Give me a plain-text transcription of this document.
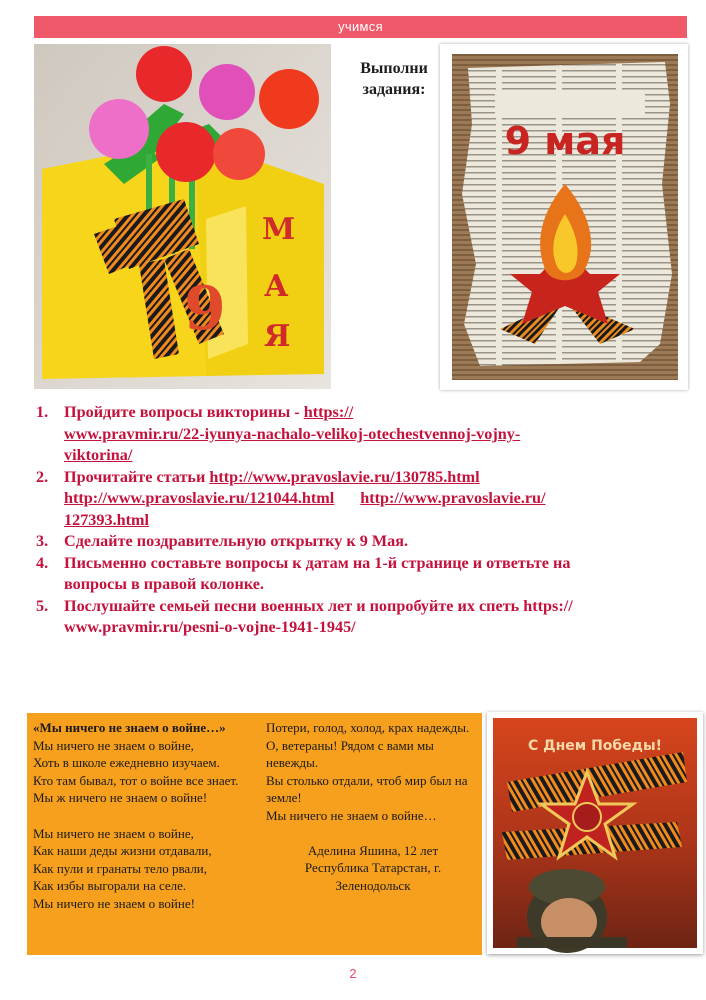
учимся
М
А
Я
9
Выполни
задания:
9 мая
1. Пройдите вопросы викторины - https://
www.pravmir.ru/22-iyunya-nachalo-velikoj-otechestvennoj-vojny-
viktorina/
2. Прочитайте статьи http://www.pravoslavie.ru/130785.html
http://www.pravoslavie.ru/121044.html http://www.pravoslavie.ru/
127393.html
3. Сделайте поздравительную открытку к 9 Мая.
4. Письменно составьте вопросы к датам на 1-й странице и ответьте на
вопросы в правой колонке.
5. Послушайте семьей песни военных лет и попробуйте их спеть https://
www.pravmir.ru/pesni-o-vojne-1941-1945/
«Мы ничего не знаем о войне…»
Мы ничего не знаем о войне,
Хоть в школе ежедневно изучаем.
Кто там бывал, тот о войне все знает.
Мы ж ничего не знаем о войне!
Мы ничего не знаем о войне,
Как наши деды жизни отдавали,
Как пули и гранаты тело рвали,
Как избы выгорали на селе.
Мы ничего не знаем о войне!
Потери, голод, холод, крах надежды.
О, ветераны! Рядом с вами мы невежды.
Вы столько отдали, чтоб мир был на земле!
Мы ничего не знаем о войне…
Аделина Яшина, 12 лет
Республика Татарстан, г. Зеленодольск
С Днем Победы!
2
